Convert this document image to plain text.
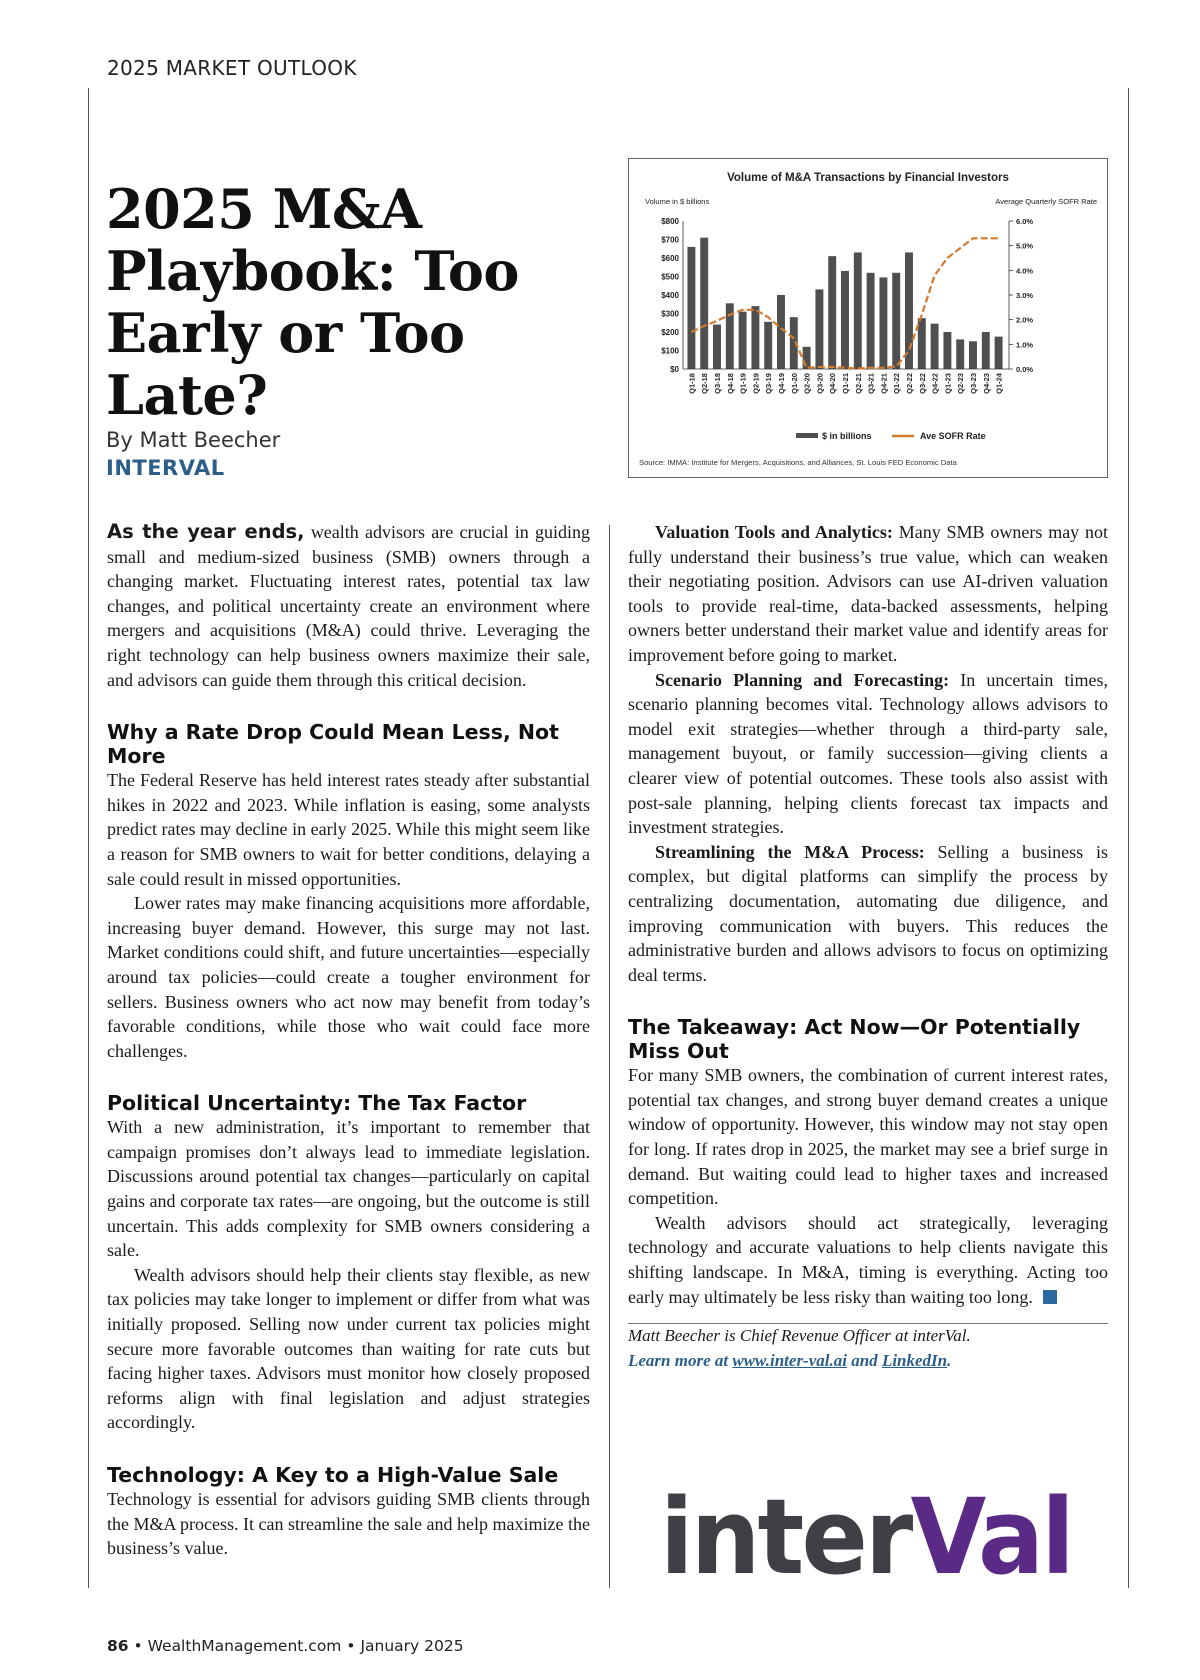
2025 MARKET OUTLOOK
2025 M&A Playbook: Too Early or Too Late?
By Matt Beecher
INTERVAL
Volume of M&A Transactions by Financial Investors
Volume in $ billions	Average Quarterly SOFR Rate
$0
$100
$200
$300
$400
$500
$600
$700
$800
0.0%
1.0%
2.0%
3.0%
4.0%
5.0%
6.0%
Q1-18 Q2-18 Q3-18 Q4-18 Q1-19 Q2-19 Q3-19 Q4-19 Q1-20 Q2-20 Q3-20 Q4-20 Q1-21 Q2-21 Q3-21 Q4-21 Q1-22 Q2-22 Q3-22 Q4-22 Q1-23 Q2-23 Q3-23 Q4-23 Q1-24
$ in billions	Ave SOFR Rate
Source: IMMA: Institute for Mergers, Acquisitions, and Alliances, St. Louis FED Economic Data

As the year ends, wealth advisors are crucial in guiding small and medium-sized business (SMB) owners through a changing market. Fluctuating interest rates, potential tax law changes, and political uncertainty create an environment where mergers and acquisitions (M&A) could thrive. Leveraging the right technology can help business owners maximize their sale, and advisors can guide them through this critical decision.

Why a Rate Drop Could Mean Less, Not More

The Federal Reserve has held interest rates steady after substantial hikes in 2022 and 2023. While inflation is easing, some analysts predict rates may decline in early 2025. While this might seem like a reason for SMB owners to wait for better conditions, delaying a sale could result in missed opportunities.

Lower rates may make financing acquisitions more affordable, increasing buyer demand. However, this surge may not last. Market conditions could shift, and future uncertainties—especially around tax policies—could create a tougher environment for sellers. Business owners who act now may benefit from today’s favorable conditions, while those who wait could face more challenges.

Political Uncertainty: The Tax Factor

With a new administration, it’s important to remember that campaign promises don’t always lead to immediate legislation. Discussions around potential tax changes—particularly on capital gains and corporate tax rates—are ongoing, but the outcome is still uncertain. This adds complexity for SMB owners considering a sale.

Wealth advisors should help their clients stay flexible, as new tax policies may take longer to implement or differ from what was initially proposed. Selling now under current tax policies might secure more favorable outcomes than waiting for rate cuts but facing higher taxes. Advisors must monitor how closely proposed reforms align with final legislation and adjust strategies accordingly.

Technology: A Key to a High-Value Sale

Technology is essential for advisors guiding SMB clients through the M&A process. It can streamline the sale and help maximize the business’s value.

Valuation Tools and Analytics: Many SMB owners may not fully understand their business’s true value, which can weaken their negotiating position. Advisors can use AI-driven valuation tools to provide real-time, data-backed assessments, helping owners better understand their market value and identify areas for improvement before going to market.

Scenario Planning and Forecasting: In uncertain times, scenario planning becomes vital. Technology allows advisors to model exit strategies—whether through a third-party sale, management buyout, or family succession—giving clients a clearer view of potential outcomes. These tools also assist with post-sale planning, helping clients forecast tax impacts and investment strategies.

Streamlining the M&A Process: Selling a business is complex, but digital platforms can simplify the process by centralizing documentation, automating due diligence, and improving communication with buyers. This reduces the administrative burden and allows advisors to focus on optimizing deal terms.

The Takeaway: Act Now—Or Potentially Miss Out

For many SMB owners, the combination of current interest rates, potential tax changes, and strong buyer demand creates a unique window of opportunity. However, this window may not stay open for long. If rates drop in 2025, the market may see a brief surge in demand. But waiting could lead to higher taxes and increased competition.

Wealth advisors should act strategically, leveraging technology and accurate valuations to help clients navigate this shifting landscape. In M&A, timing is everything. Acting too early may ultimately be less risky than waiting too long.

Matt Beecher is Chief Revenue Officer at interVal.

Learn more at www.inter-val.ai and LinkedIn.

interVal
86 • WealthManagement.com • January 2025
